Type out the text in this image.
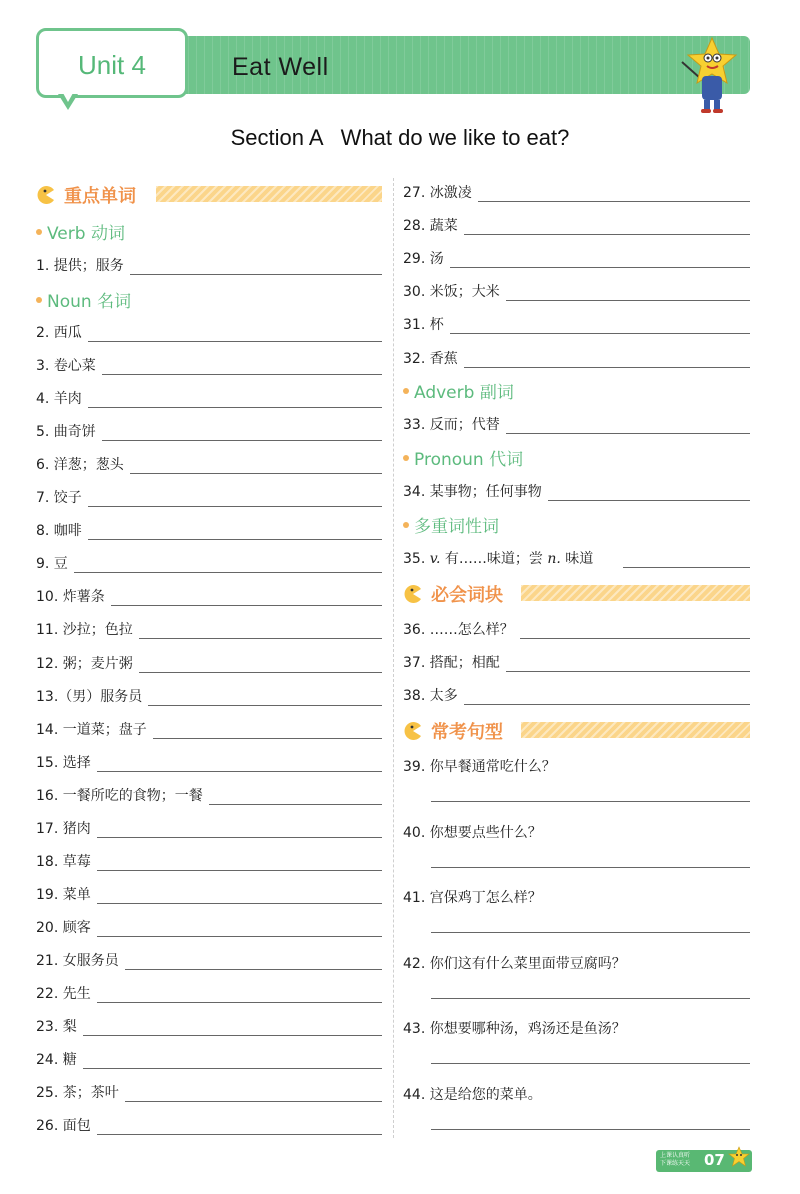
Unit 4	Eat Well
Section A   What do we like to eat?
重点单词
Verb 动词
1. 提供；服务
Noun 名词
2. 西瓜
3. 卷心菜
4. 羊肉
5. 曲奇饼
6. 洋葱；葱头
7. 饺子
8. 咖啡
9. 豆
10. 炸薯条
11. 沙拉；色拉
12. 粥；麦片粥
13.（男）服务员
14. 一道菜；盘子
15. 选择
16. 一餐所吃的食物；一餐
17. 猪肉
18. 草莓
19. 菜单
20. 顾客
21. 女服务员
22. 先生
23. 梨
24. 糖
25. 茶；茶叶
26. 面包
27. 冰激凌
28. 蔬菜
29. 汤
30. 米饭；大米
31. 杯
32. 香蕉
Adverb 副词
33. 反而；代替
Pronoun 代词
34. 某事物；任何事物
多重词性词
35. v. 有……味道；尝 n. 味道
必会词块
36. ……怎么样？
37. 搭配；相配
38. 太多
常考句型
39. 你早餐通常吃什么？
40. 你想要点些什么？
41. 宫保鸡丁怎么样？
42. 你们这有什么菜里面带豆腐吗？
43. 你想要哪种汤，鸡汤还是鱼汤？
44. 这是给您的菜单。
上课认真听
下课练天天 07
